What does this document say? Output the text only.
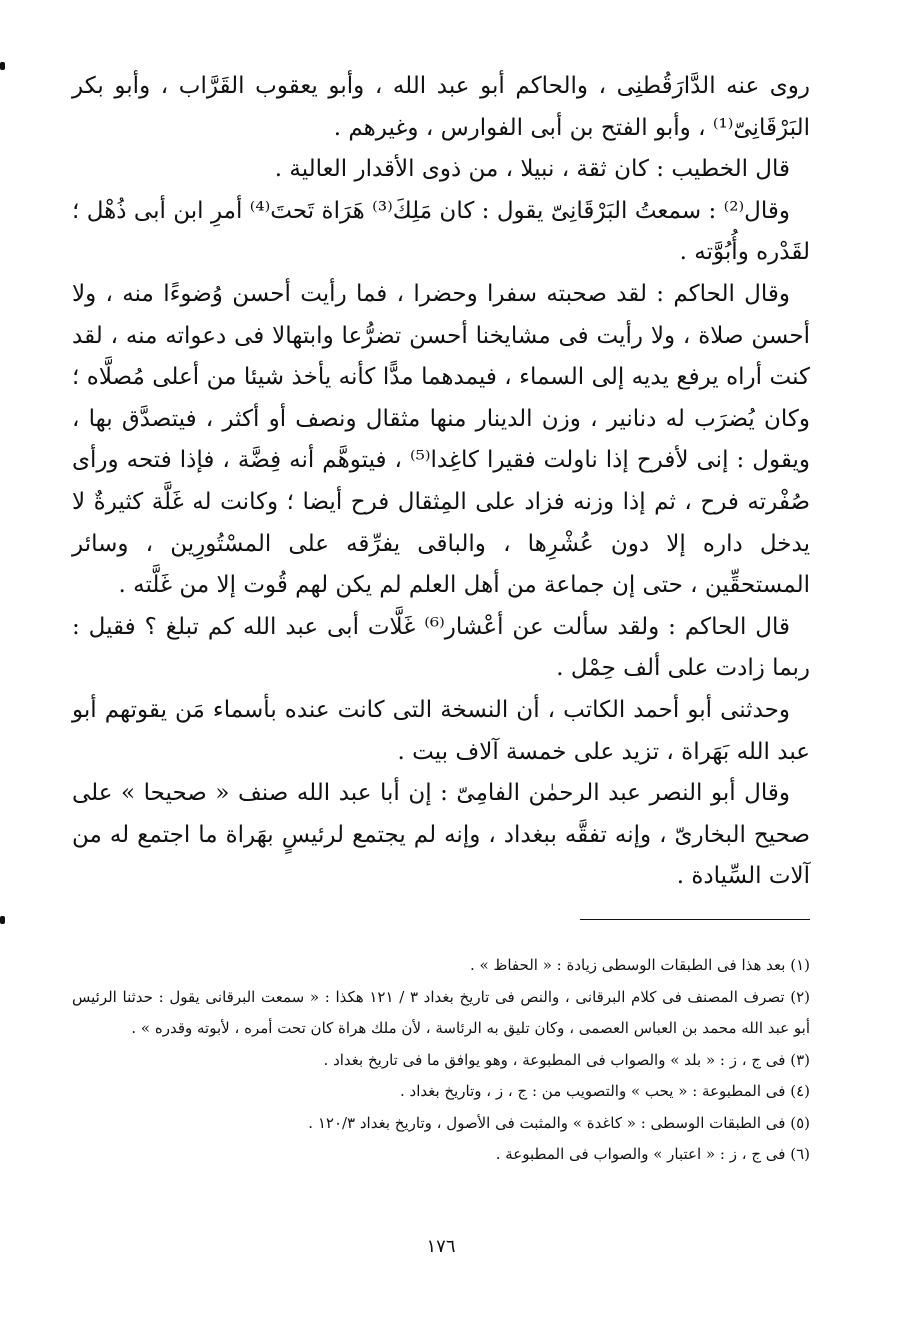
روى عنه الدَّارَقُطنِى ، والحاكم أبو عبد الله ، وأبو يعقوب القَرَّاب ، وأبو بكر البَرْقَانِىّ⁽¹⁾ ، وأبو الفتح بن أبى الفوارس ، وغيرهم .

قال الخطيب : كان ثقة ، نبيلا ، من ذوى الأقدار العالية .

وقال⁽²⁾ : سمعتُ البَرْقَانِىّ يقول : كان مَلِكَ⁽³⁾ هَرَاة تَحتَ⁽⁴⁾ أمرِ ابن أبى ذُهْل ؛ لقَدْره وأُبُوَّته .

وقال الحاكم : لقد صحبته سفرا وحضرا ، فما رأيت أحسن وُضوءًا منه ، ولا أحسن صلاة ، ولا رأيت فى مشايخنا أحسن تضرُّعا وابتهالا فى دعواته منه ، لقد كنت أراه يرفع يديه إلى السماء ، فيمدهما مدًّا كأنه يأخذ شيئا من أعلى مُصلَّاه ؛ وكان يُضرَب له دنانير ، وزن الدينار منها مثقال ونصف أو أكثر ، فيتصدَّق بها ، ويقول : إنى لأفرح إذا ناولت فقيرا كاغِدا⁽⁵⁾ ، فيتوهَّم أنه فِضَّة ، فإذا فتحه ورأى صُفْرته فرح ، ثم إذا وزنه فزاد على المِثقال فرح أيضا ؛ وكانت له غَلَّة كثيرةٌ لا يدخل داره إلا دون عُشْرِها ، والباقى يفرِّقه على المسْتُورِين ، وسائر المستحقِّين ، حتى إن جماعة من أهل العلم لم يكن لهم قُوت إلا من غَلَّته .

قال الحاكم : ولقد سألت عن أعْشار⁽⁶⁾ غَلَّات أبى عبد الله كم تبلغ ؟ فقيل : ربما زادت على ألف حِمْل .

وحدثنى أبو أحمد الكاتب ، أن النسخة التى كانت عنده بأسماء مَن يقوتهم أبو عبد الله بَهَراة ، تزيد على خمسة آلاف بيت .

وقال أبو النصر عبد الرحمٰن الفامِىّ : إن أبا عبد الله صنف « صحيحا » على صحيح البخارىّ ، وإنه تفقَّه ببغداد ، وإنه لم يجتمع لرئيسٍ بهَراة ما اجتمع له من آلات السِّيادة .

(١) بعد هذا فى الطبقات الوسطى زيادة : « الحفاظ » .

(٢) تصرف المصنف فى كلام البرقانى ، والنص فى تاريخ بغداد ٣ / ١٢١ هكذا : « سمعت البرقانى يقول : حدثنا الرئيس أبو عبد الله محمد بن العباس العصمى ، وكان تليق به الرئاسة ، لأن ملك هراة كان تحت أمره ، لأبوته وقدره » .

(٣) فى ج ، ز : « بلد » والصواب فى المطبوعة ، وهو يوافق ما فى تاريخ بغداد .

(٤) فى المطبوعة : « يحب » والتصويب من : ج ، ز ، وتاريخ بغداد .

(٥) فى الطبقات الوسطى : « كاغدة » والمثبت فى الأصول ، وتاريخ بغداد ١٢٠/٣ .

(٦) فى ج ، ز : « اعتبار » والصواب فى المطبوعة .

١٧٦
